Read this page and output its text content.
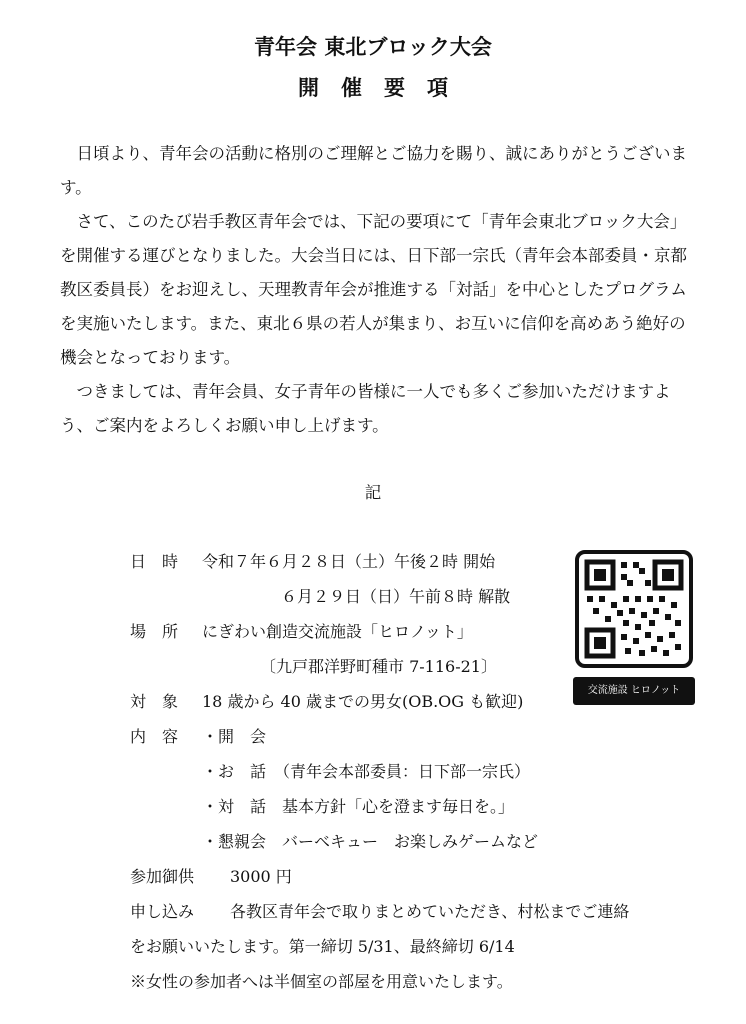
青年会 東北ブロック大会
開催要項

日頃より、青年会の活動に格別のご理解とご協力を賜り、誠にありがとうございます。

さて、このたび岩手教区青年会では、下記の要項にて「青年会東北ブロック大会」を開催する運びとなりました。大会当日には、日下部一宗氏（青年会本部委員・京都教区委員長）をお迎えし、天理教青年会が推進する「対話」を中心としたプログラムを実施いたします。また、東北６県の若人が集まり、お互いに信仰を高めあう絶好の機会となっております。

つきましては、青年会員、女子青年の皆様に一人でも多くご参加いただけますよう、ご案内をよろしくお願い申し上げます。

記
日　時 令和７年６月２８日（土）午後２時 開始
６月２９日（日）午前８時 解散
場　所 にぎわい創造交流施設「ヒロノット」
〔九戸郡洋野町種市 7-116-21〕
対　象 18 歳から 40 歳までの男女(OB.OG も歓迎)
内　容 ・開　会
・お　話　（青年会本部委員：日下部一宗氏）
・対　話　基本方針「心を澄ます毎日を。」
・懇親会　バーベキュー　お楽しみゲームなど
参加御供 3000 円
申し込み 各教区青年会で取りまとめていただき、村松までご連絡
をお願いいたします。第一締切 5/31、最終締切 6/14
※女性の参加者へは半個室の部屋を用意いたします。
交流施設 ヒロノット
